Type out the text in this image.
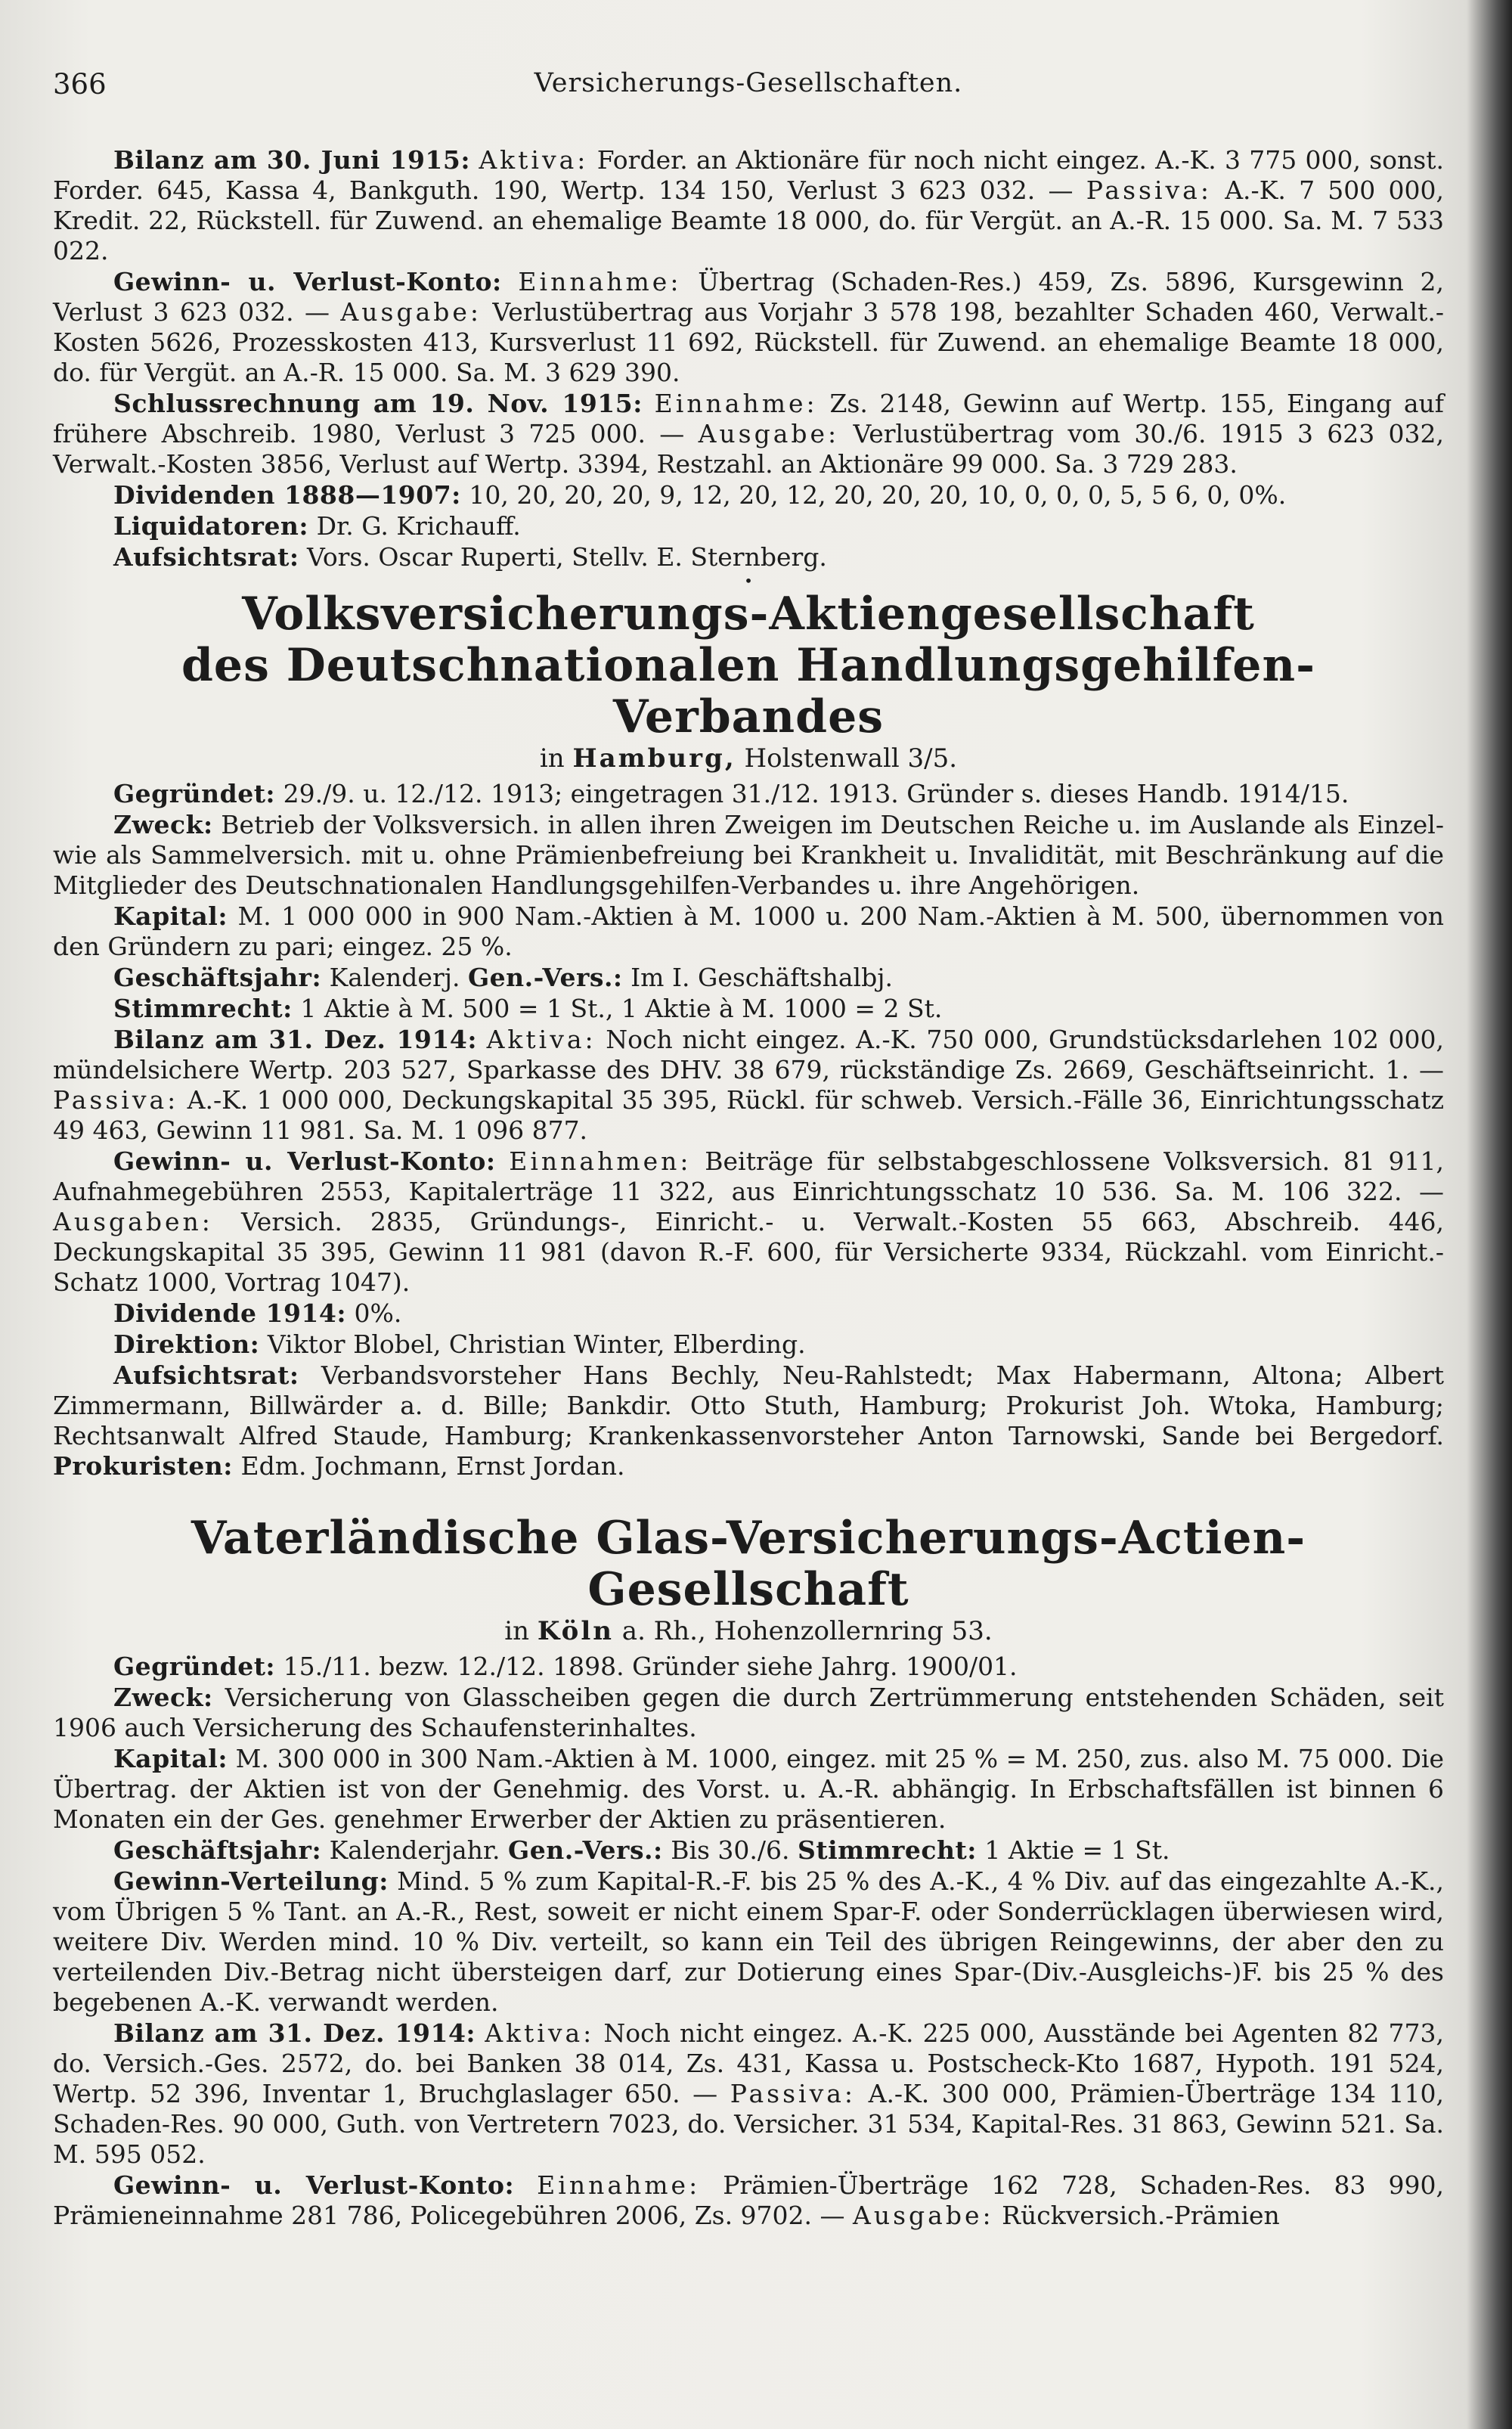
366	Versicherungs-Gesellschaften.

Bilanz am 30. Juni 1915: Aktiva: Forder. an Aktionäre für noch nicht eingez. A.-K. 3 775 000, sonst. Forder. 645, Kassa 4, Bankguth. 190, Wertp. 134 150, Verlust 3 623 032. — Passiva: A.-K. 7 500 000, Kredit. 22, Rückstell. für Zuwend. an ehemalige Beamte 18 000, do. für Vergüt. an A.-R. 15 000. Sa. M. 7 533 022.

Gewinn- u. Verlust-Konto: Einnahme: Übertrag (Schaden-Res.) 459, Zs. 5896, Kursgewinn 2, Verlust 3 623 032. — Ausgabe: Verlustübertrag aus Vorjahr 3 578 198, bezahlter Schaden 460, Verwalt.-Kosten 5626, Prozesskosten 413, Kursverlust 11 692, Rückstell. für Zuwend. an ehemalige Beamte 18 000, do. für Vergüt. an A.-R. 15 000. Sa. M. 3 629 390.

Schlussrechnung am 19. Nov. 1915: Einnahme: Zs. 2148, Gewinn auf Wertp. 155, Eingang auf frühere Abschreib. 1980, Verlust 3 725 000. — Ausgabe: Verlustübertrag vom 30./6. 1915 3 623 032, Verwalt.-Kosten 3856, Verlust auf Wertp. 3394, Restzahl. an Aktionäre 99 000. Sa. 3 729 283.

Dividenden 1888—1907: 10, 20, 20, 20, 9, 12, 20, 12, 20, 20, 20, 10, 0, 0, 0, 5, 5 6, 0, 0%.

Liquidatoren: Dr. G. Krichauff.

Aufsichtsrat: Vors. Oscar Ruperti, Stellv. E. Sternberg.

•
Volksversicherungs-Aktiengesellschaft
des Deutschnationalen Handlungsgehilfen-Verbandes

in Hamburg, Holstenwall 3/5.

Gegründet: 29./9. u. 12./12. 1913; eingetragen 31./12. 1913. Gründer s. dieses Handb. 1914/15.

Zweck: Betrieb der Volksversich. in allen ihren Zweigen im Deutschen Reiche u. im Auslande als Einzel- wie als Sammelversich. mit u. ohne Prämienbefreiung bei Krankheit u. Invalidität, mit Beschränkung auf die Mitglieder des Deutschnationalen Handlungsgehilfen-Verbandes u. ihre Angehörigen.

Kapital: M. 1 000 000 in 900 Nam.-Aktien à M. 1000 u. 200 Nam.-Aktien à M. 500, übernommen von den Gründern zu pari; eingez. 25 %.

Geschäftsjahr: Kalenderj. Gen.-Vers.: Im I. Geschäftshalbj.

Stimmrecht: 1 Aktie à M. 500 = 1 St., 1 Aktie à M. 1000 = 2 St.

Bilanz am 31. Dez. 1914: Aktiva: Noch nicht eingez. A.-K. 750 000, Grundstücksdarlehen 102 000, mündelsichere Wertp. 203 527, Sparkasse des DHV. 38 679, rückständige Zs. 2669, Geschäftseinricht. 1. — Passiva: A.-K. 1 000 000, Deckungskapital 35 395, Rückl. für schweb. Versich.-Fälle 36, Einrichtungsschatz 49 463, Gewinn 11 981. Sa. M. 1 096 877.

Gewinn- u. Verlust-Konto: Einnahmen: Beiträge für selbstabgeschlossene Volksversich. 81 911, Aufnahmegebühren 2553, Kapitalerträge 11 322, aus Einrichtungsschatz 10 536. Sa. M. 106 322. — Ausgaben: Versich. 2835, Gründungs-, Einricht.- u. Verwalt.-Kosten 55 663, Abschreib. 446, Deckungskapital 35 395, Gewinn 11 981 (davon R.-F. 600, für Versicherte 9334, Rückzahl. vom Einricht.-Schatz 1000, Vortrag 1047).

Dividende 1914: 0%.

Direktion: Viktor Blobel, Christian Winter, Elberding.

Aufsichtsrat: Verbandsvorsteher Hans Bechly, Neu-Rahlstedt; Max Habermann, Altona; Albert Zimmermann, Billwärder a. d. Bille; Bankdir. Otto Stuth, Hamburg; Prokurist Joh. Wtoka, Hamburg; Rechtsanwalt Alfred Staude, Hamburg; Krankenkassenvorsteher Anton Tarnowski, Sande bei Bergedorf. Prokuristen: Edm. Jochmann, Ernst Jordan.

Vaterländische Glas-Versicherungs-Actien-Gesellschaft

in Köln a. Rh., Hohenzollernring 53.

Gegründet: 15./11. bezw. 12./12. 1898. Gründer siehe Jahrg. 1900/01.

Zweck: Versicherung von Glasscheiben gegen die durch Zertrümmerung entstehenden Schäden, seit 1906 auch Versicherung des Schaufensterinhaltes.

Kapital: M. 300 000 in 300 Nam.-Aktien à M. 1000, eingez. mit 25 % = M. 250, zus. also M. 75 000. Die Übertrag. der Aktien ist von der Genehmig. des Vorst. u. A.-R. abhängig. In Erbschaftsfällen ist binnen 6 Monaten ein der Ges. genehmer Erwerber der Aktien zu präsentieren.

Geschäftsjahr: Kalenderjahr. Gen.-Vers.: Bis 30./6. Stimmrecht: 1 Aktie = 1 St.

Gewinn-Verteilung: Mind. 5 % zum Kapital-R.-F. bis 25 % des A.-K., 4 % Div. auf das eingezahlte A.-K., vom Übrigen 5 % Tant. an A.-R., Rest, soweit er nicht einem Spar-F. oder Sonderrücklagen überwiesen wird, weitere Div. Werden mind. 10 % Div. verteilt, so kann ein Teil des übrigen Reingewinns, der aber den zu verteilenden Div.-Betrag nicht übersteigen darf, zur Dotierung eines Spar-(Div.-Ausgleichs-)F. bis 25 % des begebenen A.-K. verwandt werden.

Bilanz am 31. Dez. 1914: Aktiva: Noch nicht eingez. A.-K. 225 000, Ausstände bei Agenten 82 773, do. Versich.-Ges. 2572, do. bei Banken 38 014, Zs. 431, Kassa u. Postscheck-Kto 1687, Hypoth. 191 524, Wertp. 52 396, Inventar 1, Bruchglaslager 650. — Passiva: A.-K. 300 000, Prämien-Überträge 134 110, Schaden-Res. 90 000, Guth. von Vertretern 7023, do. Versicher. 31 534, Kapital-Res. 31 863, Gewinn 521. Sa. M. 595 052.

Gewinn- u. Verlust-Konto: Einnahme: Prämien-Überträge 162 728, Schaden-Res. 83 990, Prämieneinnahme 281 786, Policegebühren 2006, Zs. 9702. — Ausgabe: Rückversich.-Prämien
